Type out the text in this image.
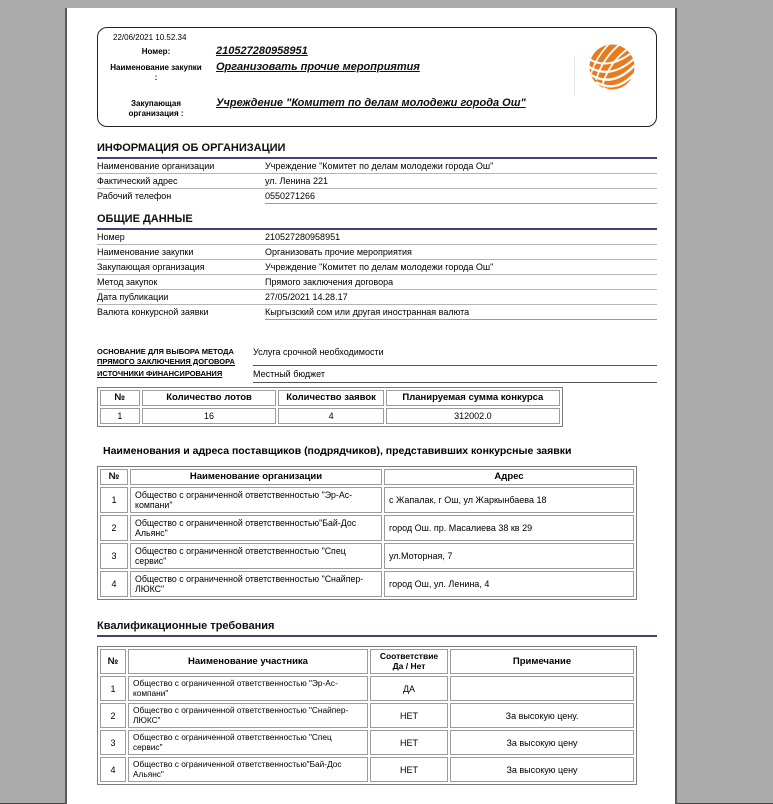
22/06/2021 10.52.34
Номер:	210527280958951
Наименование закупки :
Организовать прочие мероприятия
Закупающая организация :
Учреждение "Комитет по делам молодежи города Ош"
ИНФОРМАЦИЯ ОБ ОРГАНИЗАЦИИ
Наименование организации	Учреждение "Комитет по делам молодежи города Ош"
Фактический адрес	ул. Ленина 221
Рабочий телефон	0550271266
ОБЩИЕ ДАННЫЕ
Номер	210527280958951
Наименование закупки	Организовать прочие мероприятия
Закупающая организация	Учреждение "Комитет по делам молодежи города Ош"
Метод закупок	Прямого заключения договора
Дата публикации	27/05/2021 14.28.17
Валюта конкурсной заявки	Кыргызский сом или другая иностранная валюта
ОСНОВАНИЕ ДЛЯ ВЫБОРА МЕТОДА
ПРЯМОГО ЗАКЛЮЧЕНИЯ ДОГОВОРА
Услуга срочной необходимости
ИСТОЧНИКИ ФИНАНСИРОВАНИЯ	Местный бюджет
№	Количество лотов	Количество заявок	Планируемая сумма конкурса
1	16	4	312002.0
Наименования и адреса поставщиков (подрядчиков), представивших конкурсные заявки
№	Наименование организации	Адрес
1	Общество с ограниченной ответственностью "Эр-Ас-компани"	с Жапалак, г Ош, ул Жаркынбаева 18
2	Общество с ограниченной ответственностью"Бай-Дос Альянс"	город Ош. пр. Масалиева 38 кв 29
3	Общество с ограниченной ответственностью "Спец сервис"	ул.Моторная, 7
4	Общество с ограниченной ответственностью "Снайпер-ЛЮКС"	город Ош, ул. Ленина, 4
Квалификационные требования
№	Наименование участника	Соответствие Да / Нет	Примечание
1	Общество с ограниченной ответственностью "Эр-Ас-компани"	ДА	
2	Общество с ограниченной ответственностью "Снайпер-ЛЮКС"	НЕТ	За высокую цену.
3	Общество с ограниченной ответственностью "Спец сервис"	НЕТ	За высокую цену
4	Общество с ограниченной ответственностью"Бай-Дос Альянс"	НЕТ	За высокую цену
